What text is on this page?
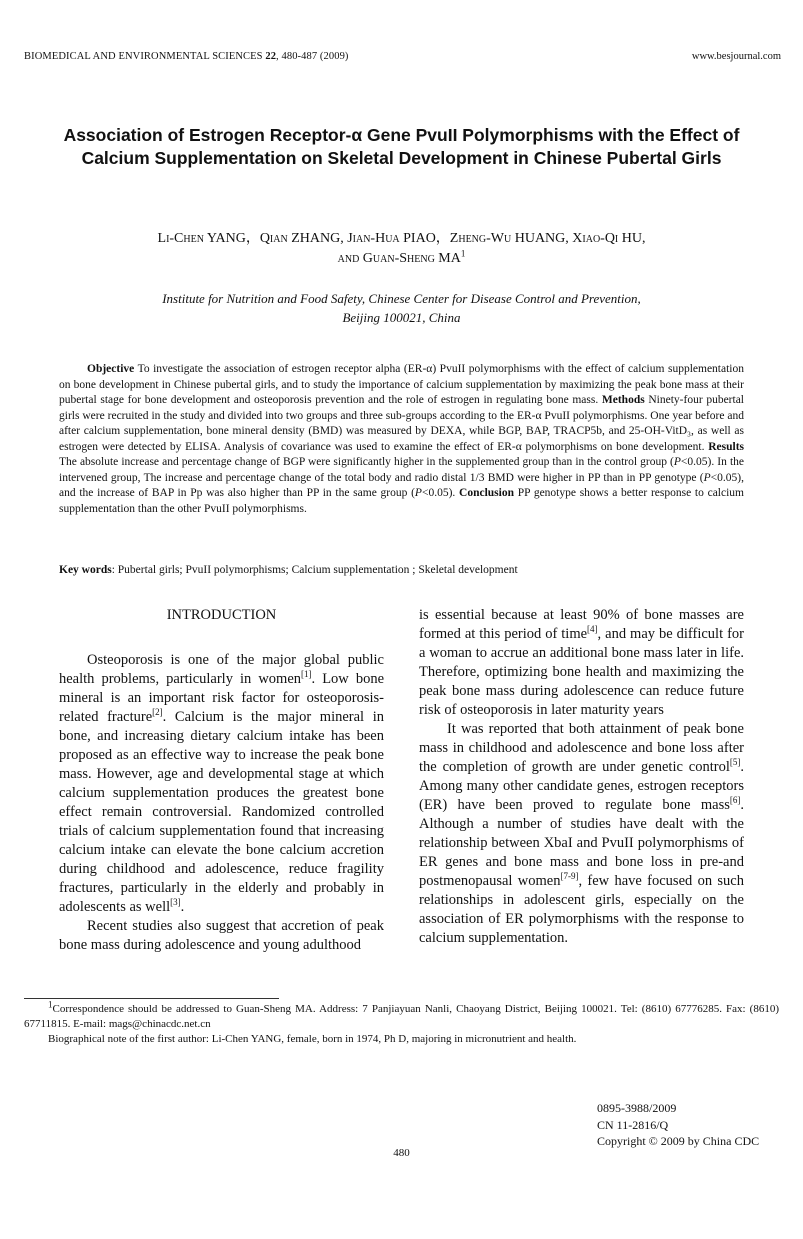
BIOMEDICAL AND ENVIRONMENTAL SCIENCES 22, 480-487 (2009)	www.besjournal.com
Association of Estrogen Receptor-α Gene PvuII Polymorphisms with the Effect of Calcium Supplementation on Skeletal Development in Chinese Pubertal Girls
Li-Chen YANG，Qian ZHANG, Jian-Hua PIAO，Zheng-Wu HUANG, Xiao-Qi HU,
and Guan-Sheng $MA^1$
Institute for Nutrition and Food Safety, Chinese Center for Disease Control and Prevention,
Beijing 100021, China
Objective To investigate the association of estrogen receptor alpha (ER-α) PvuII polymorphisms with the effect of calcium supplementation on bone development in Chinese pubertal girls, and to study the importance of calcium supplementation by maximizing the peak bone mass at their pubertal stage for bone development and osteoporosis prevention and the role of estrogen in regulating bone mass. Methods Ninety-four pubertal girls were recruited in the study and divided into two groups and three sub-groups according to the ER-α PvuII polymorphisms. One year before and after calcium supplementation, bone mineral density (BMD) was measured by DEXA, while BGP, BAP, TRACP5b, and 25-OH-VitD₃, as well as estrogen were detected by ELISA. Analysis of covariance was used to examine the effect of ER-α polymorphisms on bone development. Results The absolute increase and percentage change of BGP were significantly higher in the supplemented group than in the control group (P<0.05). In the intervened group, The increase and percentage change of the total body and radio distal 1/3 BMD were higher in PP than in PP genotype (P<0.05), and the increase of BAP in Pp was also higher than PP in the same group (P<0.05). Conclusion PP genotype shows a better response to calcium supplementation than the other PvuII polymorphisms.
Key words: Pubertal girls; PvuII polymorphisms; Calcium supplementation ; Skeletal development

INTRODUCTION

Osteoporosis is one of the major global public health problems, particularly in women[1]. Low bone mineral is an important risk factor for osteoporosis-related fracture[2]. Calcium is the major mineral in bone, and increasing dietary calcium intake has been proposed as an effective way to increase the peak bone mass. However, age and developmental stage at which calcium supplementation produces the greatest bone effect remain controversial. Randomized controlled trials of calcium supplementation found that increasing calcium intake can elevate the bone calcium accretion during childhood and adolescence, reduce fragility fractures, particularly in the elderly and probably in adolescents as well[3].

Recent studies also suggest that accretion of peak bone mass during adolescence and young adulthood

is essential because at least 90% of bone masses are formed at this period of time[4], and may be difficult for a woman to accrue an additional bone mass later in life. Therefore, optimizing bone health and maximizing the peak bone mass during adolescence can reduce future risk of osteoporosis in later maturity years

It was reported that both attainment of peak bone mass in childhood and adolescence and bone loss after the completion of growth are under genetic control[5]. Among many other candidate genes, estrogen receptors (ER) have been proved to regulate bone mass[6]. Although a number of studies have dealt with the relationship between XbaI and PvuII polymorphisms of ER genes and bone mass and bone loss in pre-and postmenopausal women[7-9], few have focused on such relationships in adolescent girls, especially on the association of ER polymorphisms with the response to calcium supplementation.

$^1$Correspondence should be addressed to Guan-Sheng MA. Address: 7 Panjiayuan Nanli, Chaoyang District, Beijing 100021. Tel: (8610) 67776285. Fax: (8610) 67711815. E-mail: mags@chinacdc.net.cn

Biographical note of the first author: Li-Chen YANG, female, born in 1974, Ph D, majoring in micronutrient and health.

0895-3988/2009
CN 11-2816/Q
Copyright © 2009 by China CDC
480
